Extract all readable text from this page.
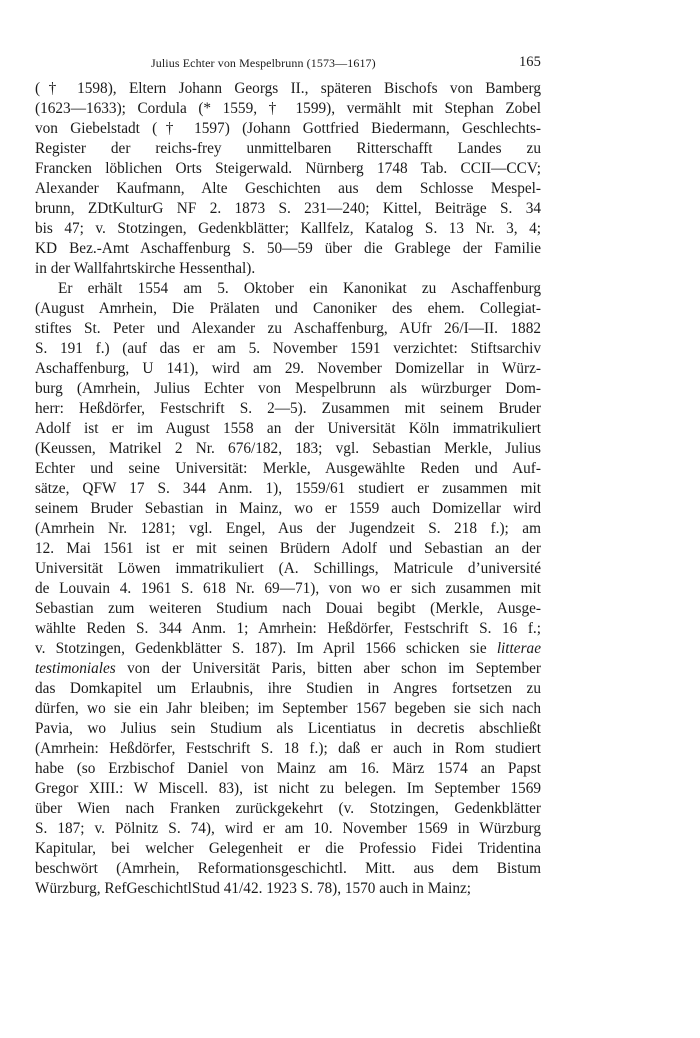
Julius Echter von Mespelbrunn (1573—1617)	165
(† 1598), Eltern Johann Georgs II., späteren Bischofs von Bamberg
(1623—1633); Cordula (* 1559, † 1599), vermählt mit Stephan Zobel
von Giebelstadt († 1597) (Johann Gottfried Biedermann, Geschlechts-
Register der reichs-frey unmittelbaren Ritterschafft Landes zu
Francken löblichen Orts Steigerwald. Nürnberg 1748 Tab. CCII—CCV;
Alexander Kaufmann, Alte Geschichten aus dem Schlosse Mespel-
brunn, ZDtKulturG NF 2. 1873 S. 231—240; Kittel, Beiträge S. 34
bis 47; v. Stotzingen, Gedenkblätter; Kallfelz, Katalog S. 13 Nr. 3, 4;
KD Bez.-Amt Aschaffenburg S. 50—59 über die Grablege der Familie
in der Wallfahrtskirche Hessenthal).
Er erhält 1554 am 5. Oktober ein Kanonikat zu Aschaffenburg
(August Amrhein, Die Prälaten und Canoniker des ehem. Collegiat-
stiftes St. Peter und Alexander zu Aschaffenburg, AUfr 26/I—II. 1882
S. 191 f.) (auf das er am 5. November 1591 verzichtet: Stiftsarchiv
Aschaffenburg, U 141), wird am 29. November Domizellar in Würz-
burg (Amrhein, Julius Echter von Mespelbrunn als würzburger Dom-
herr: Heßdörfer, Festschrift S. 2—5). Zusammen mit seinem Bruder
Adolf ist er im August 1558 an der Universität Köln immatrikuliert
(Keussen, Matrikel 2 Nr. 676/182, 183; vgl. Sebastian Merkle, Julius
Echter und seine Universität: Merkle, Ausgewählte Reden und Auf-
sätze, QFW 17 S. 344 Anm. 1), 1559/61 studiert er zusammen mit
seinem Bruder Sebastian in Mainz, wo er 1559 auch Domizellar wird
(Amrhein Nr. 1281; vgl. Engel, Aus der Jugendzeit S. 218 f.); am
12. Mai 1561 ist er mit seinen Brüdern Adolf und Sebastian an der
Universität Löwen immatrikuliert (A. Schillings, Matricule d’université
de Louvain 4. 1961 S. 618 Nr. 69—71), von wo er sich zusammen mit
Sebastian zum weiteren Studium nach Douai begibt (Merkle, Ausge-
wählte Reden S. 344 Anm. 1; Amrhein: Heßdörfer, Festschrift S. 16 f.;
v. Stotzingen, Gedenkblätter S. 187). Im April 1566 schicken sie litterae
testimoniales von der Universität Paris, bitten aber schon im September
das Domkapitel um Erlaubnis, ihre Studien in Angres fortsetzen zu
dürfen, wo sie ein Jahr bleiben; im September 1567 begeben sie sich nach
Pavia, wo Julius sein Studium als Licentiatus in decretis abschließt
(Amrhein: Heßdörfer, Festschrift S. 18 f.); daß er auch in Rom studiert
habe (so Erzbischof Daniel von Mainz am 16. März 1574 an Papst
Gregor XIII.: W Miscell. 83), ist nicht zu belegen. Im September 1569
über Wien nach Franken zurückgekehrt (v. Stotzingen, Gedenkblätter
S. 187; v. Pölnitz S. 74), wird er am 10. November 1569 in Würzburg
Kapitular, bei welcher Gelegenheit er die Professio Fidei Tridentina
beschwört (Amrhein, Reformationsgeschichtl. Mitt. aus dem Bistum
Würzburg, RefGeschichtlStud 41/42. 1923 S. 78), 1570 auch in Mainz;
